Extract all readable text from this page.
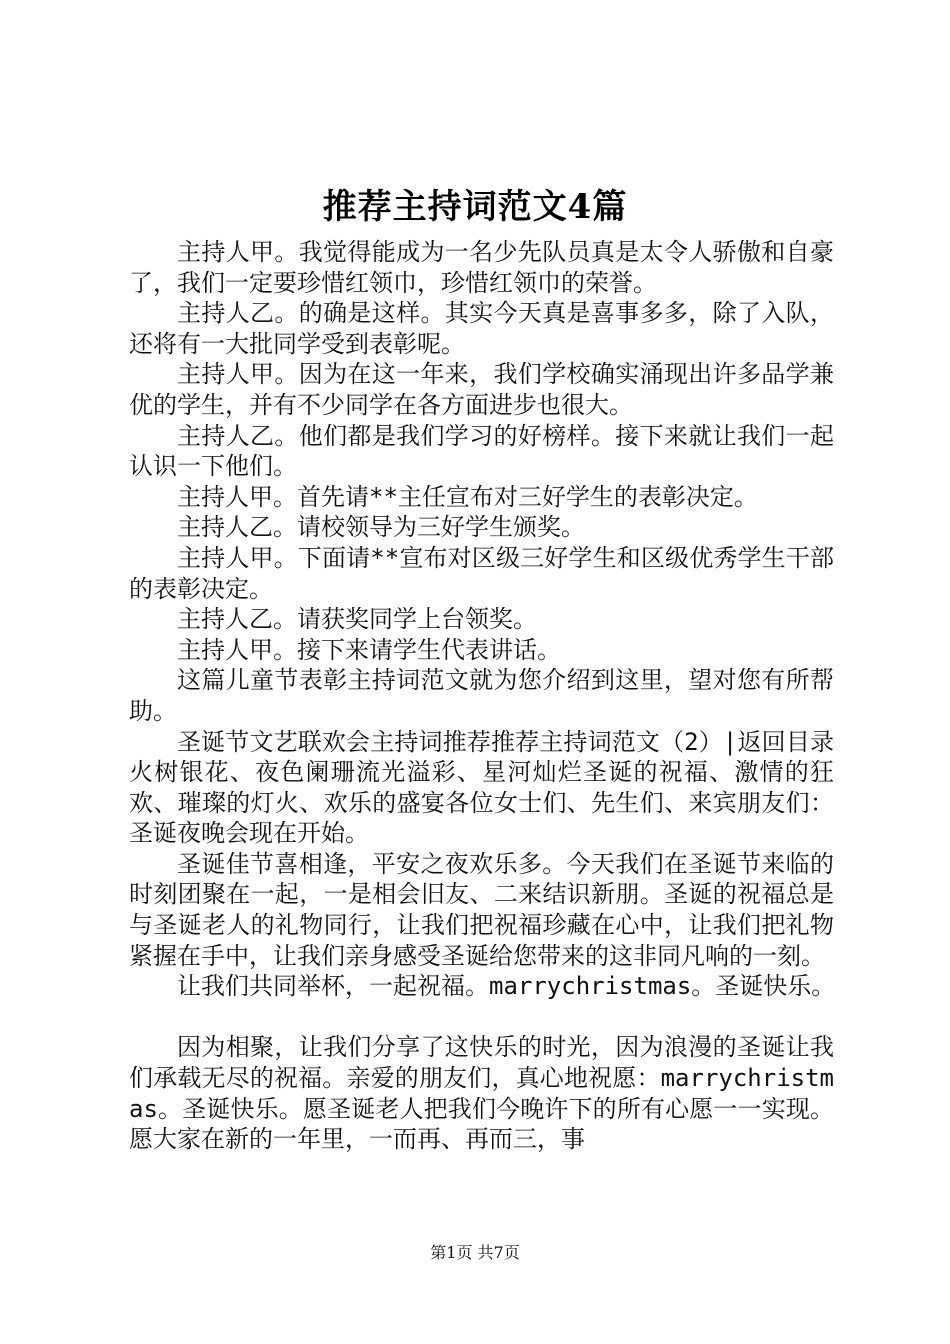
推荐主持词范文4篇

主持人甲。我觉得能成为一名少先队员真是太令人骄傲和自豪了，我们一定要珍惜红领巾，珍惜红领巾的荣誉。

主持人乙。的确是这样。其实今天真是喜事多多，除了入队，还将有一大批同学受到表彰呢。

主持人甲。因为在这一年来，我们学校确实涌现出许多品学兼优的学生，并有不少同学在各方面进步也很大。

主持人乙。他们都是我们学习的好榜样。接下来就让我们一起认识一下他们。

主持人甲。首先请**主任宣布对三好学生的表彰决定。

主持人乙。请校领导为三好学生颁奖。

主持人甲。下面请**宣布对区级三好学生和区级优秀学生干部的表彰决定。

主持人乙。请获奖同学上台领奖。

主持人甲。接下来请学生代表讲话。

这篇儿童节表彰主持词范文就为您介绍到这里，望对您有所帮助。

圣诞节文艺联欢会主持词推荐推荐主持词范文（2）|返回目录火树银花、夜色阑珊流光溢彩、星河灿烂圣诞的祝福、激情的狂欢、璀璨的灯火、欢乐的盛宴各位女士们、先生们、来宾朋友们：圣诞夜晚会现在开始。

圣诞佳节喜相逢，平安之夜欢乐多。今天我们在圣诞节来临的时刻团聚在一起，一是相会旧友、二来结识新朋。圣诞的祝福总是与圣诞老人的礼物同行，让我们把祝福珍藏在心中，让我们把礼物紧握在手中，让我们亲身感受圣诞给您带来的这非同凡响的一刻。

让我们共同举杯，一起祝福。marrychristmas。圣诞快乐。

因为相聚，让我们分享了这快乐的时光，因为浪漫的圣诞让我们承载无尽的祝福。亲爱的朋友们，真心地祝愿：marrychristmas。圣诞快乐。愿圣诞老人把我们今晚许下的所有心愿一一实现。愿大家在新的一年里，一而再、再而三，事

第1页 共7页
